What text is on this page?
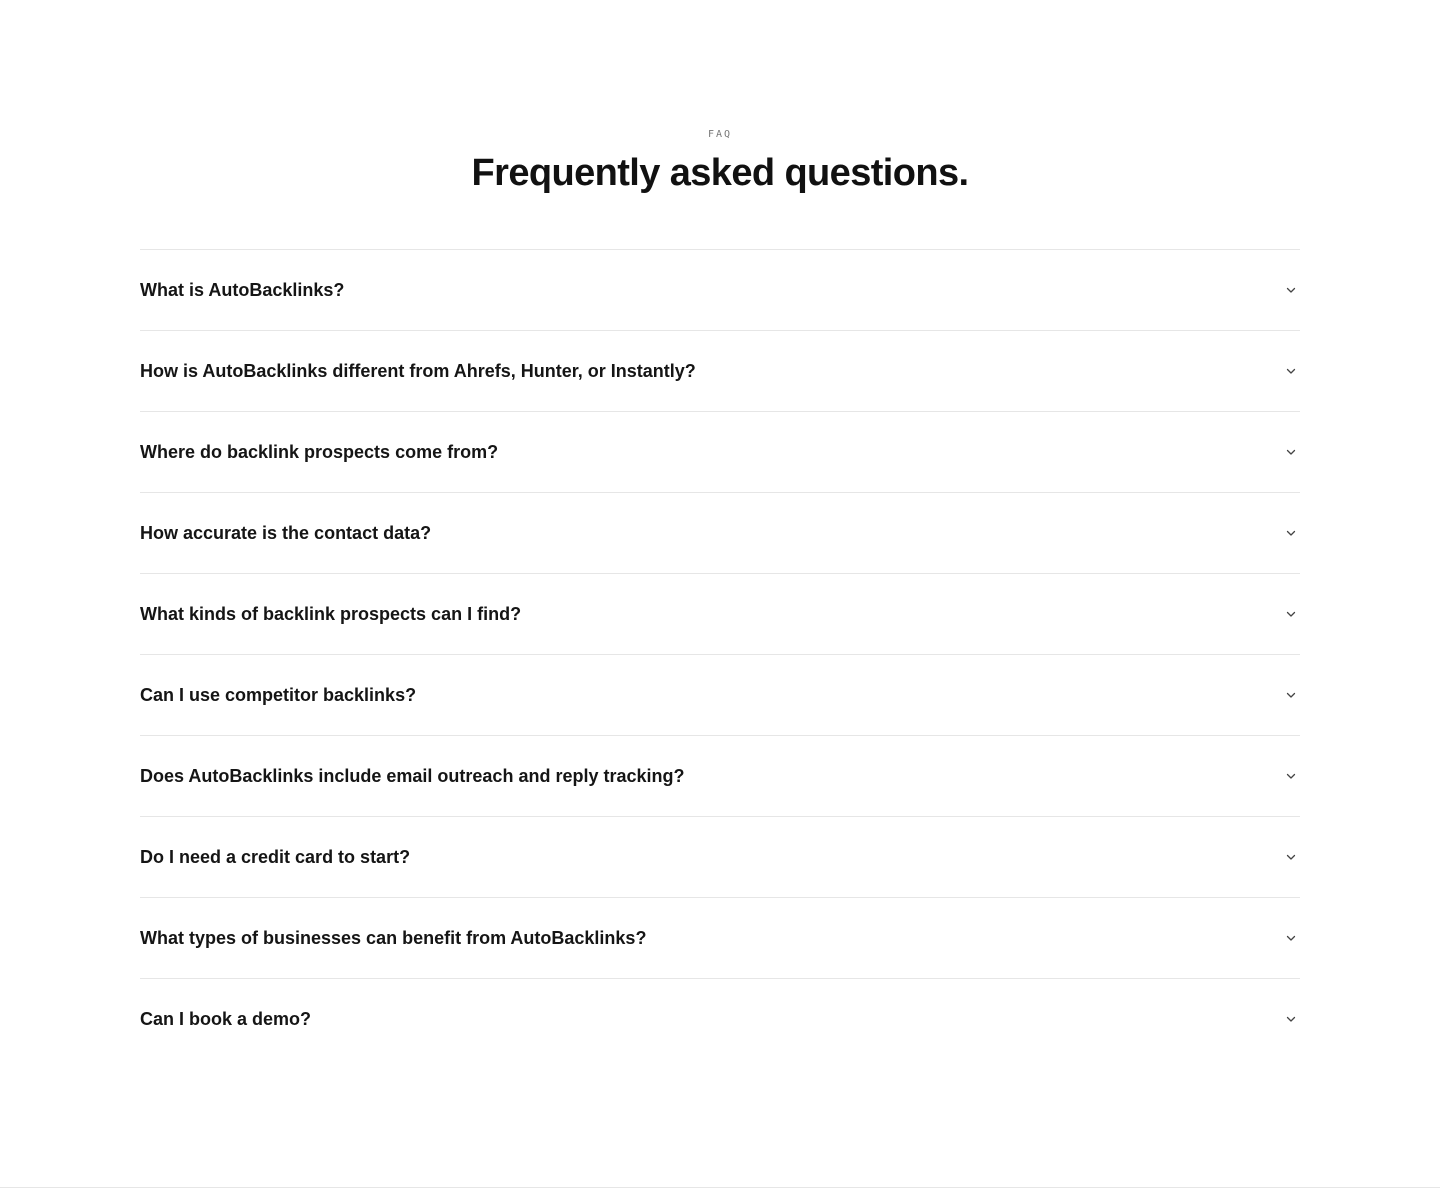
FAQ
Frequently asked questions.
What is AutoBacklinks?
How is AutoBacklinks different from Ahrefs, Hunter, or Instantly?
Where do backlink prospects come from?
How accurate is the contact data?
What kinds of backlink prospects can I find?
Can I use competitor backlinks?
Does AutoBacklinks include email outreach and reply tracking?
Do I need a credit card to start?
What types of businesses can benefit from AutoBacklinks?
Can I book a demo?
